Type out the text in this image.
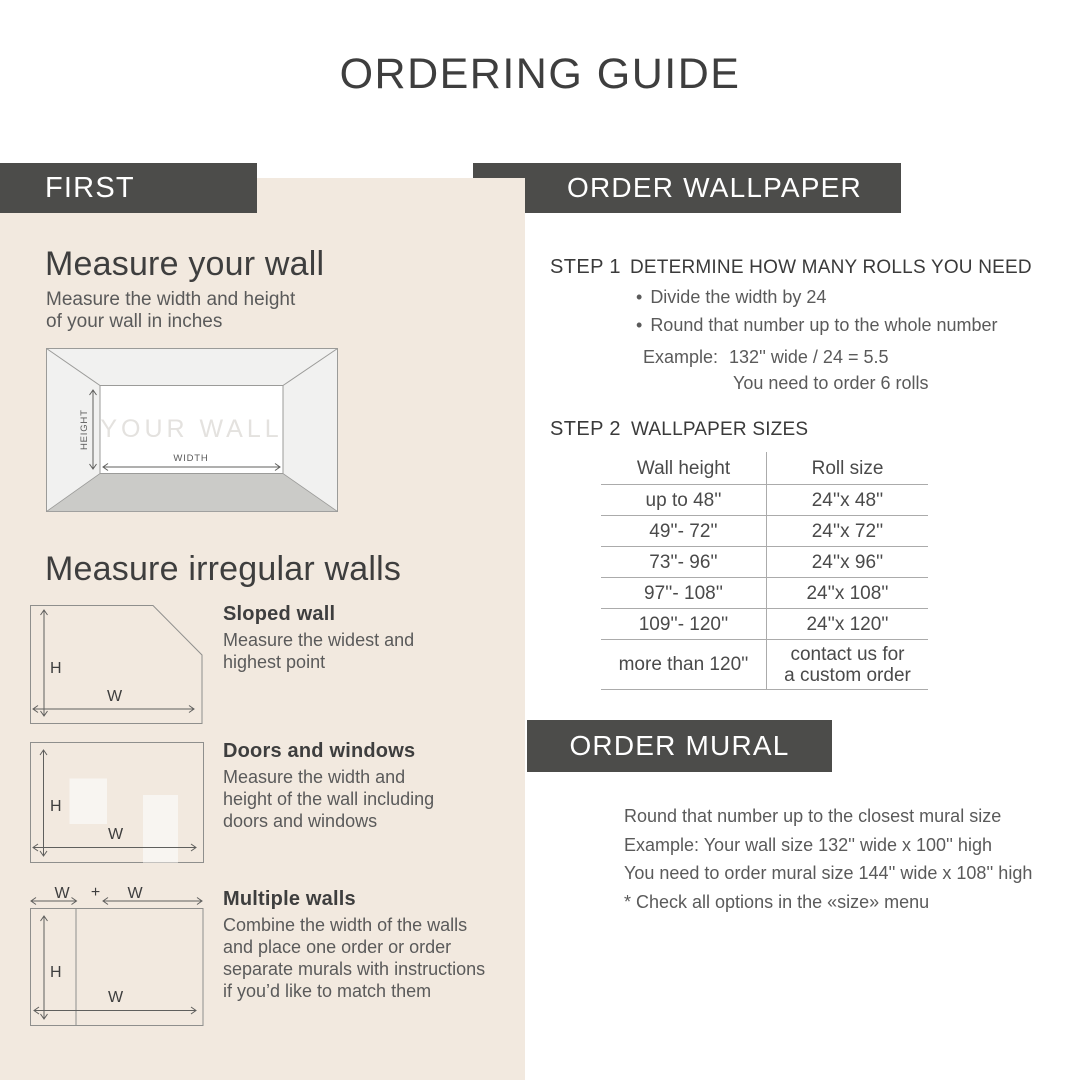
ORDERING GUIDE
FIRST	ORDER WALLPAPER
ORDER MURAL
Measure your wall
Measure the width and height
of your wall in inches
YOUR WALL
HEIGHT
WIDTH
Measure irregular walls
H
W
Sloped wall
Measure the widest and
highest point
H
W
Doors and windows
Measure the width and
height of the wall including
doors and windows
W + W
H
W
Multiple walls
Combine the width of the walls
and place one order or order
separate murals with instructions
if you’d like to match them
STEP 1 DETERMINE HOW MANY ROLLS YOU NEED
• Divide the width by 24
• Round that number up to the whole number
Example: 132'' wide / 24 = 5.5
You need to order 6 rolls
STEP 2 WALLPAPER SIZES
Wall height	Roll size
up to 48''	24''x 48''
49''- 72''	24''x 72''
73''- 96''	24''x 96''
97''- 108''	24''x 108''
109''- 120''	24''x 120''
more than 120''	contact us for
a custom order
Round that number up to the closest mural size
Example: Your wall size 132'' wide x 100'' high
You need to order mural size 144'' wide x 108'' high
* Check all options in the «size» menu
